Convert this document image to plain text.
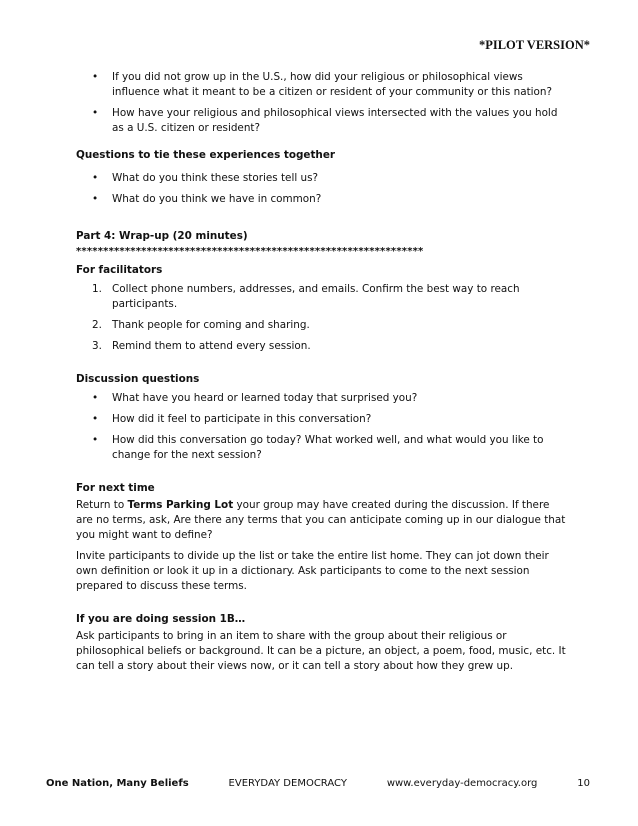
*PILOT VERSION*
• If you did not grow up in the U.S., how did your religious or philosophical views influence what it meant to be a citizen or resident of your community or this nation?
• How have your religious and philosophical views intersected with the values you hold as a U.S. citizen or resident?
Questions to tie these experiences together
• What do you think these stories tell us?
• What do you think we have in common?
Part 4: Wrap-up (20 minutes)
****************************************************************
For facilitators
1. Collect phone numbers, addresses, and emails. Confirm the best way to reach participants.
2. Thank people for coming and sharing.
3. Remind them to attend every session.
Discussion questions
• What have you heard or learned today that surprised you?
• How did it feel to participate in this conversation?
• How did this conversation go today? What worked well, and what would you like to change for the next session?
For next time

Return to Terms Parking Lot your group may have created during the discussion. If there are no terms, ask, Are there any terms that you can anticipate coming up in our dialogue that you might want to define?

Invite participants to divide up the list or take the entire list home. They can jot down their own definition or look it up in a dictionary. Ask participants to come to the next session prepared to discuss these terms.

If you are doing session 1B…

Ask participants to bring in an item to share with the group about their religious or philosophical beliefs or background. It can be a picture, an object, a poem, food, music, etc. It can tell a story about their views now, or it can tell a story about how they grew up.

One Nation, Many Beliefs	EVERYDAY DEMOCRACY	www.everyday-democracy.org	10
